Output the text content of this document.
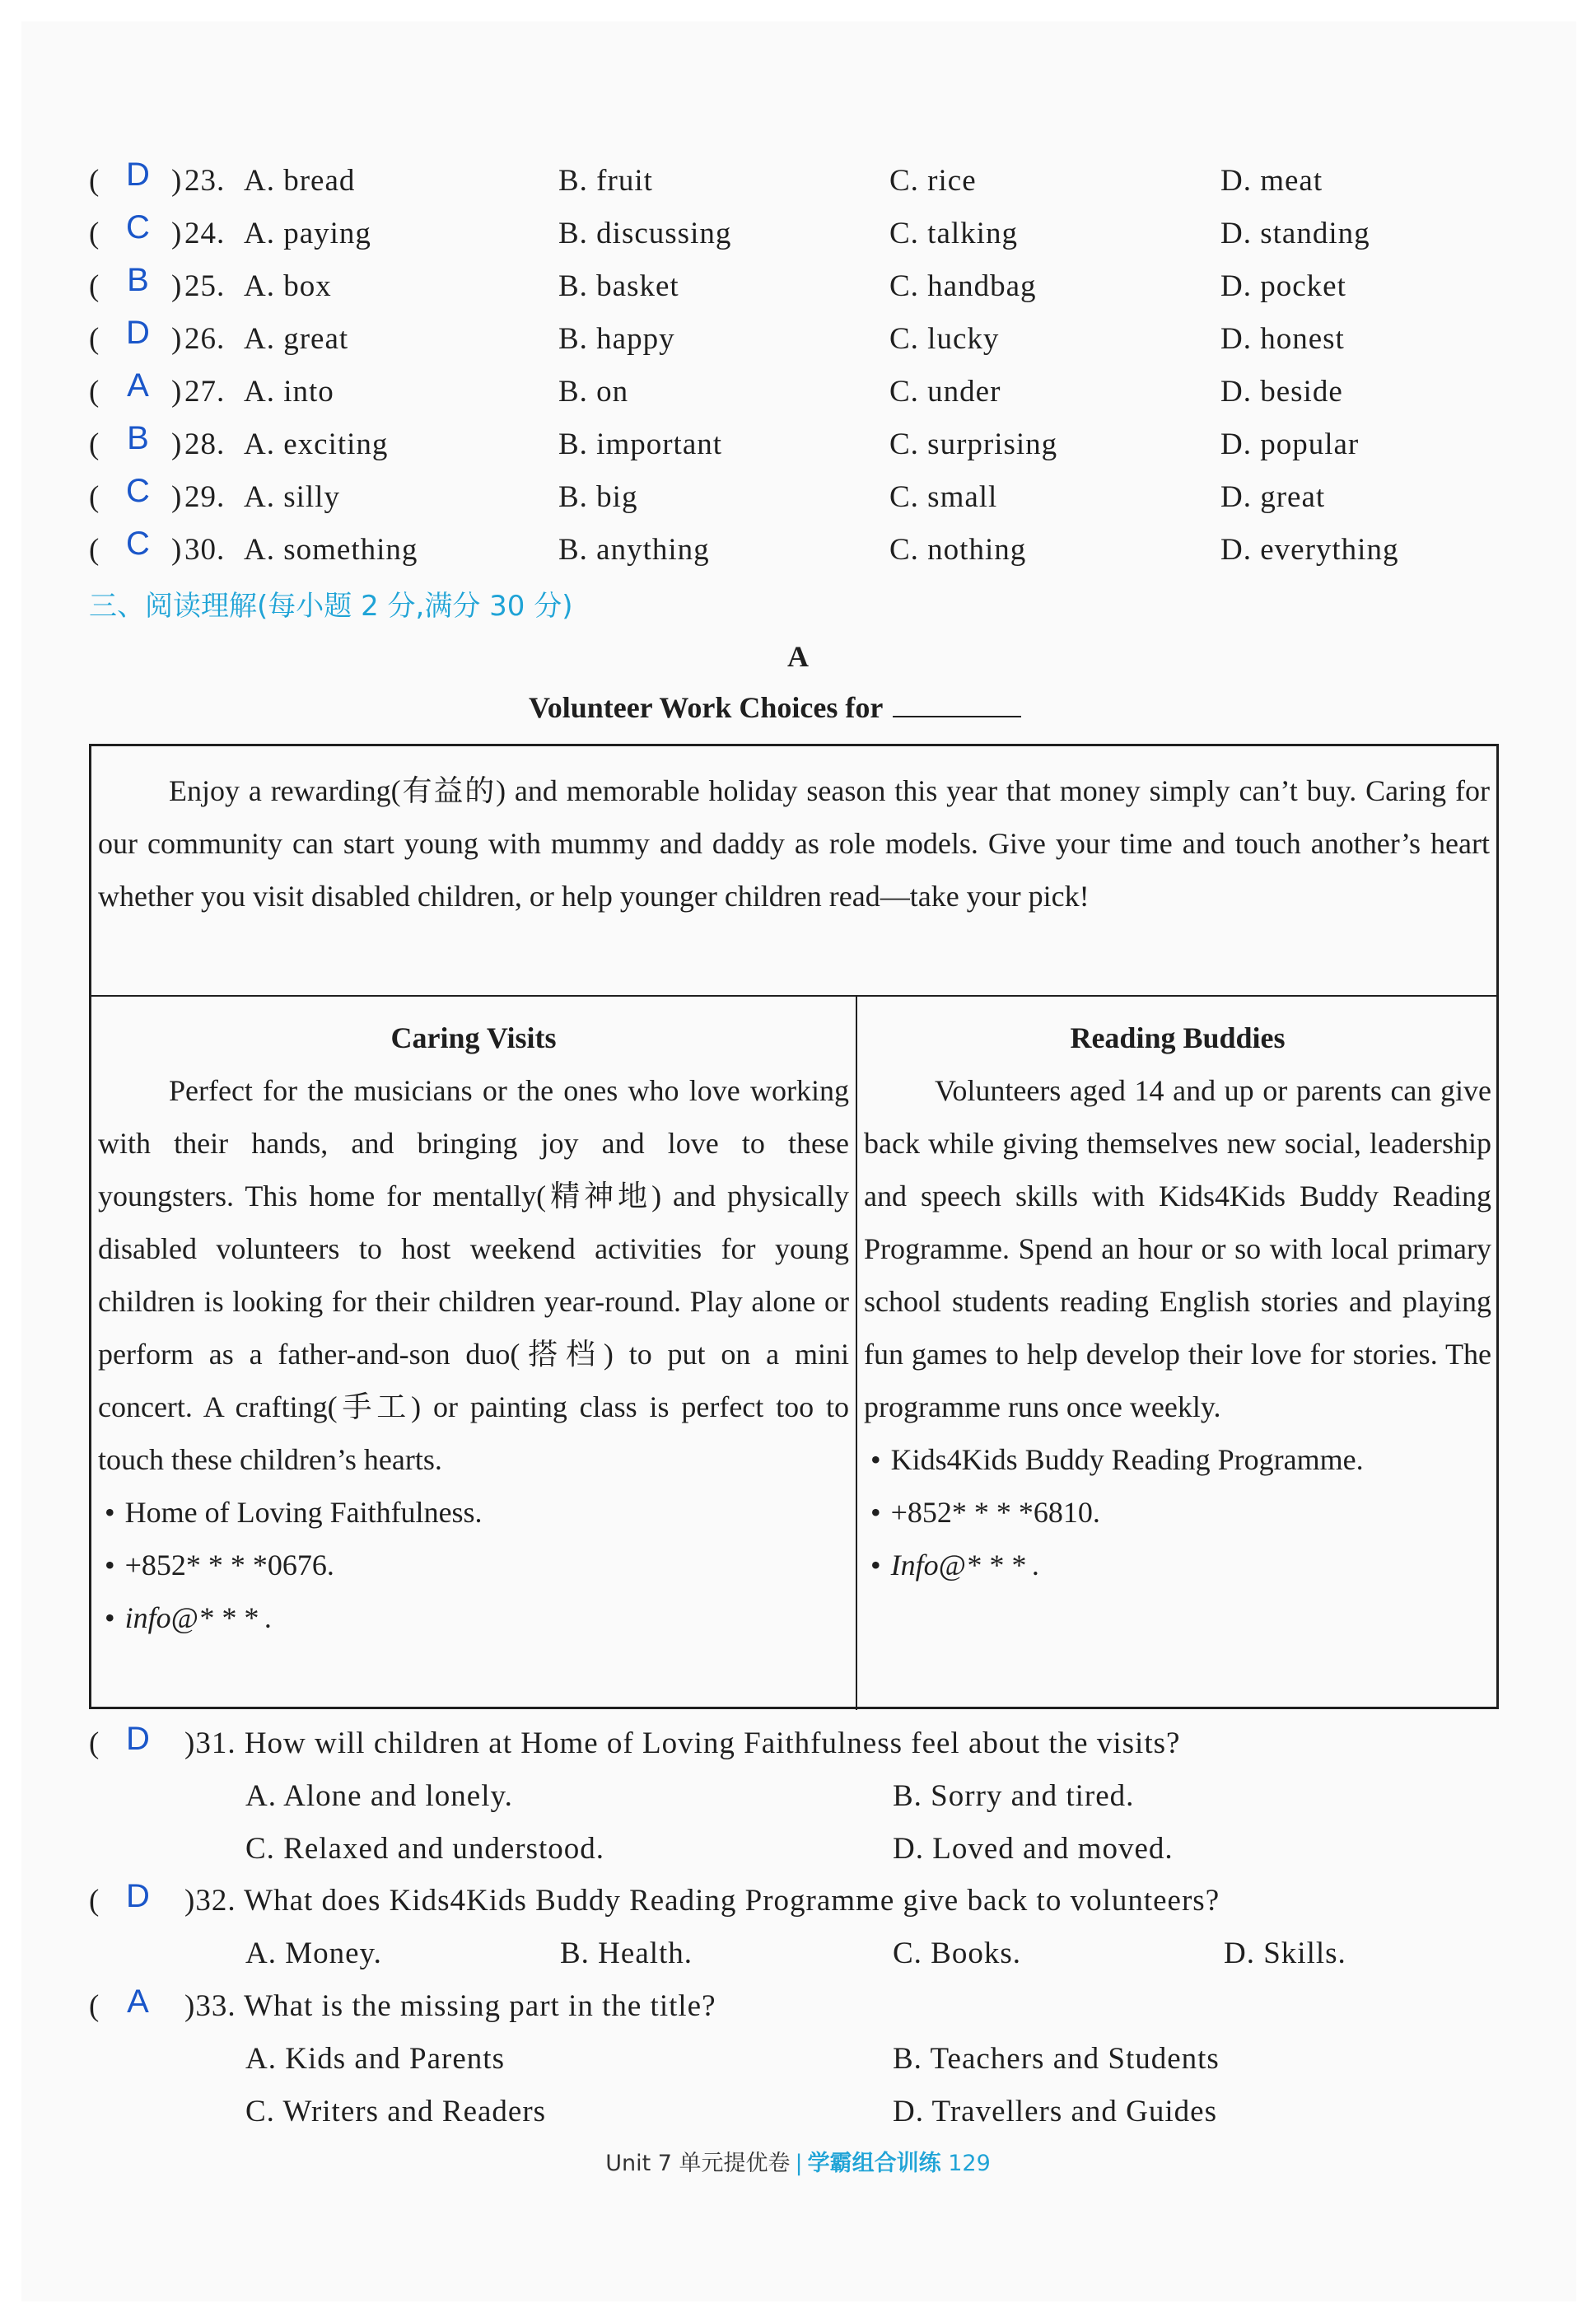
( D ) 23. A. bread	B. fruit	C. rice	D. meat
( C ) 24. A. paying	B. discussing	C. talking	D. standing
( B ) 25. A. box	B. basket	C. handbag	D. pocket
( D ) 26. A. great	B. happy	C. lucky	D. honest
( A ) 27. A. into	B. on	C. under	D. beside
( B ) 28. A. exciting	B. important	C. surprising	D. popular
( C ) 29. A. silly	B. big	C. small	D. great
( C ) 30. A. something	B. anything	C. nothing	D. everything
三、阅读理解(每小题 2 分,满分 30 分)
A
Volunteer Work Choices for
Enjoy a rewarding(有益的) and memorable holiday season this year that money simply can’t buy. Caring for our community can start young with mummy and daddy as role models. Give your time and touch another’s heart whether you visit disabled children, or help younger children read—take your pick!
Caring Visits
Perfect for the musicians or the ones who love working with their hands, and bringing joy and love to these youngsters. This home for mentally(精神地) and physically disabled volunteers to host weekend activities for young children is looking for their children year-round. Play alone or perform as a father-and-son duo(搭档) to put on a mini concert. A crafting(手工) or painting class is perfect too to touch these children’s hearts.
• Home of Loving Faithfulness.
• +852* * * *0676.
• info@* * * .
Reading Buddies
Volunteers aged 14 and up or parents can give back while giving themselves new social, leadership and speech skills with Kids4Kids Buddy Reading Programme. Spend an hour or so with local primary school students reading English stories and playing fun games to help develop their love for stories. The programme runs once weekly.
• Kids4Kids Buddy Reading Programme.
• +852* * * *6810.
• Info@* * * .
( D )31. How will children at Home of Loving Faithfulness feel about the visits?
A. Alone and lonely.	B. Sorry and tired.
C. Relaxed and understood.	D. Loved and moved.
( D )32. What does Kids4Kids Buddy Reading Programme give back to volunteers?
A. Money.	B. Health.	C. Books.	D. Skills.
( A )33. What is the missing part in the title?
A. Kids and Parents	B. Teachers and Students
C. Writers and Readers	D. Travellers and Guides
Unit 7 单元提优卷 | 学霸组合训练 129
